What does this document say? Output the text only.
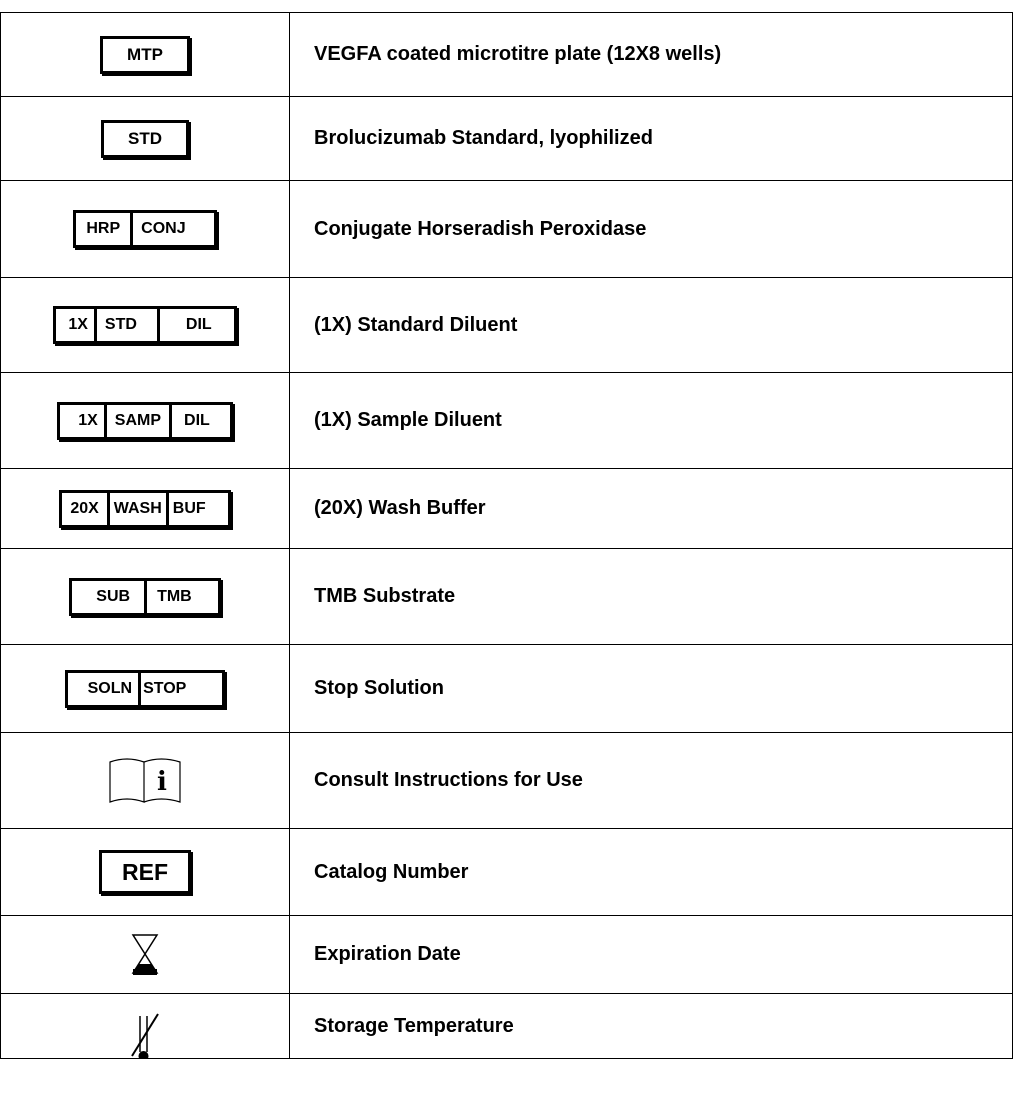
MTP	VEGFA coated microtitre plate (12X8 wells)

STD	Brolucizumab Standard, lyophilized

HRP CONJ	Conjugate Horseradish Peroxidase

1X STD DIL	(1X) Standard Diluent

1X SAMP DIL	(1X) Sample Diluent

20X WASH BUF	(20X) Wash Buffer

SUB TMB	TMB Substrate

SOLN STOP	Stop Solution

i	Consult Instructions for Use

REF	Catalog Number

	Expiration Date

	Storage Temperature
